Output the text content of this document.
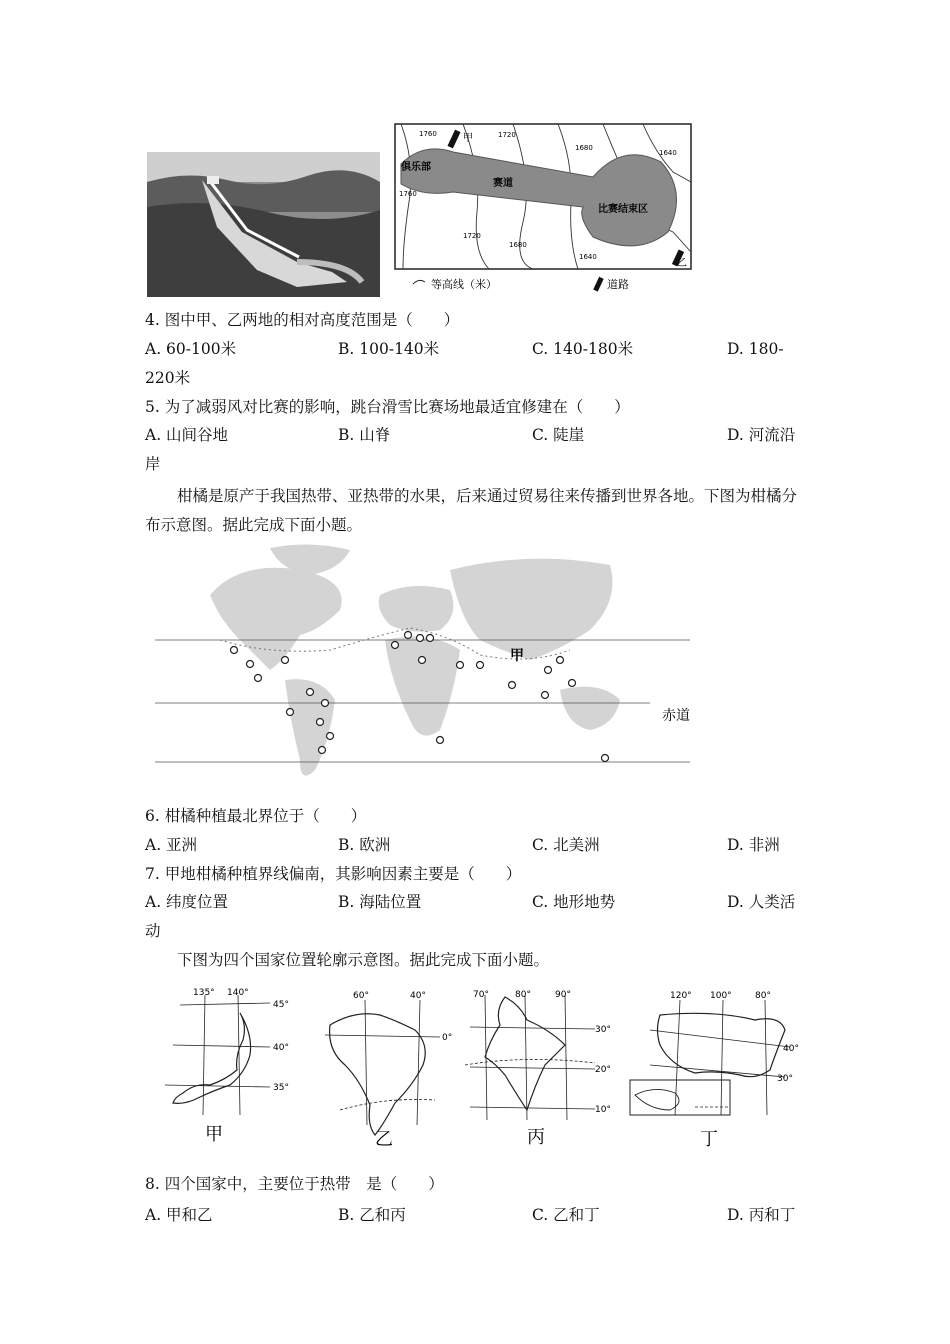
1760	1720
1680
1640
1760
1720
1680
1640
甲
乙
俱乐部
赛道
比赛结束区
等高线（米）	道路
4. 图中甲、乙两地的相对高度范围是（　　）
A. 60-100米	B. 100-140米	C. 140-180米	D. 180-
220米
5. 为了减弱风对比赛的影响，跳台滑雪比赛场地最适宜修建在（　　）
A. 山间谷地	B. 山脊	C. 陡崖	D. 河流沿
岸
柑橘是原产于我国热带、亚热带的水果，后来通过贸易往来传播到世界各地。下图为柑橘分布示意图。据此完成下面小题。
甲
赤道
6. 柑橘种植最北界位于（　　）
A. 亚洲	B. 欧洲	C. 北美洲	D. 非洲
7. 甲地柑橘种植界线偏南，其影响因素主要是（　　）
A. 纬度位置	B. 海陆位置	C. 地形地势	D. 人类活
动
下图为四个国家位置轮廓示意图。据此完成下面小题。
135° 140°
45°
40°
35°
甲
60°	40°
0°
乙
70°	80°	90°
30°
20°
10°
丙
120° 100°	80°
40°
30°
丁
8. 四个国家中，主要位于热带　是（　　）
A. 甲和乙	B. 乙和丙	C. 乙和丁	D. 丙和丁
